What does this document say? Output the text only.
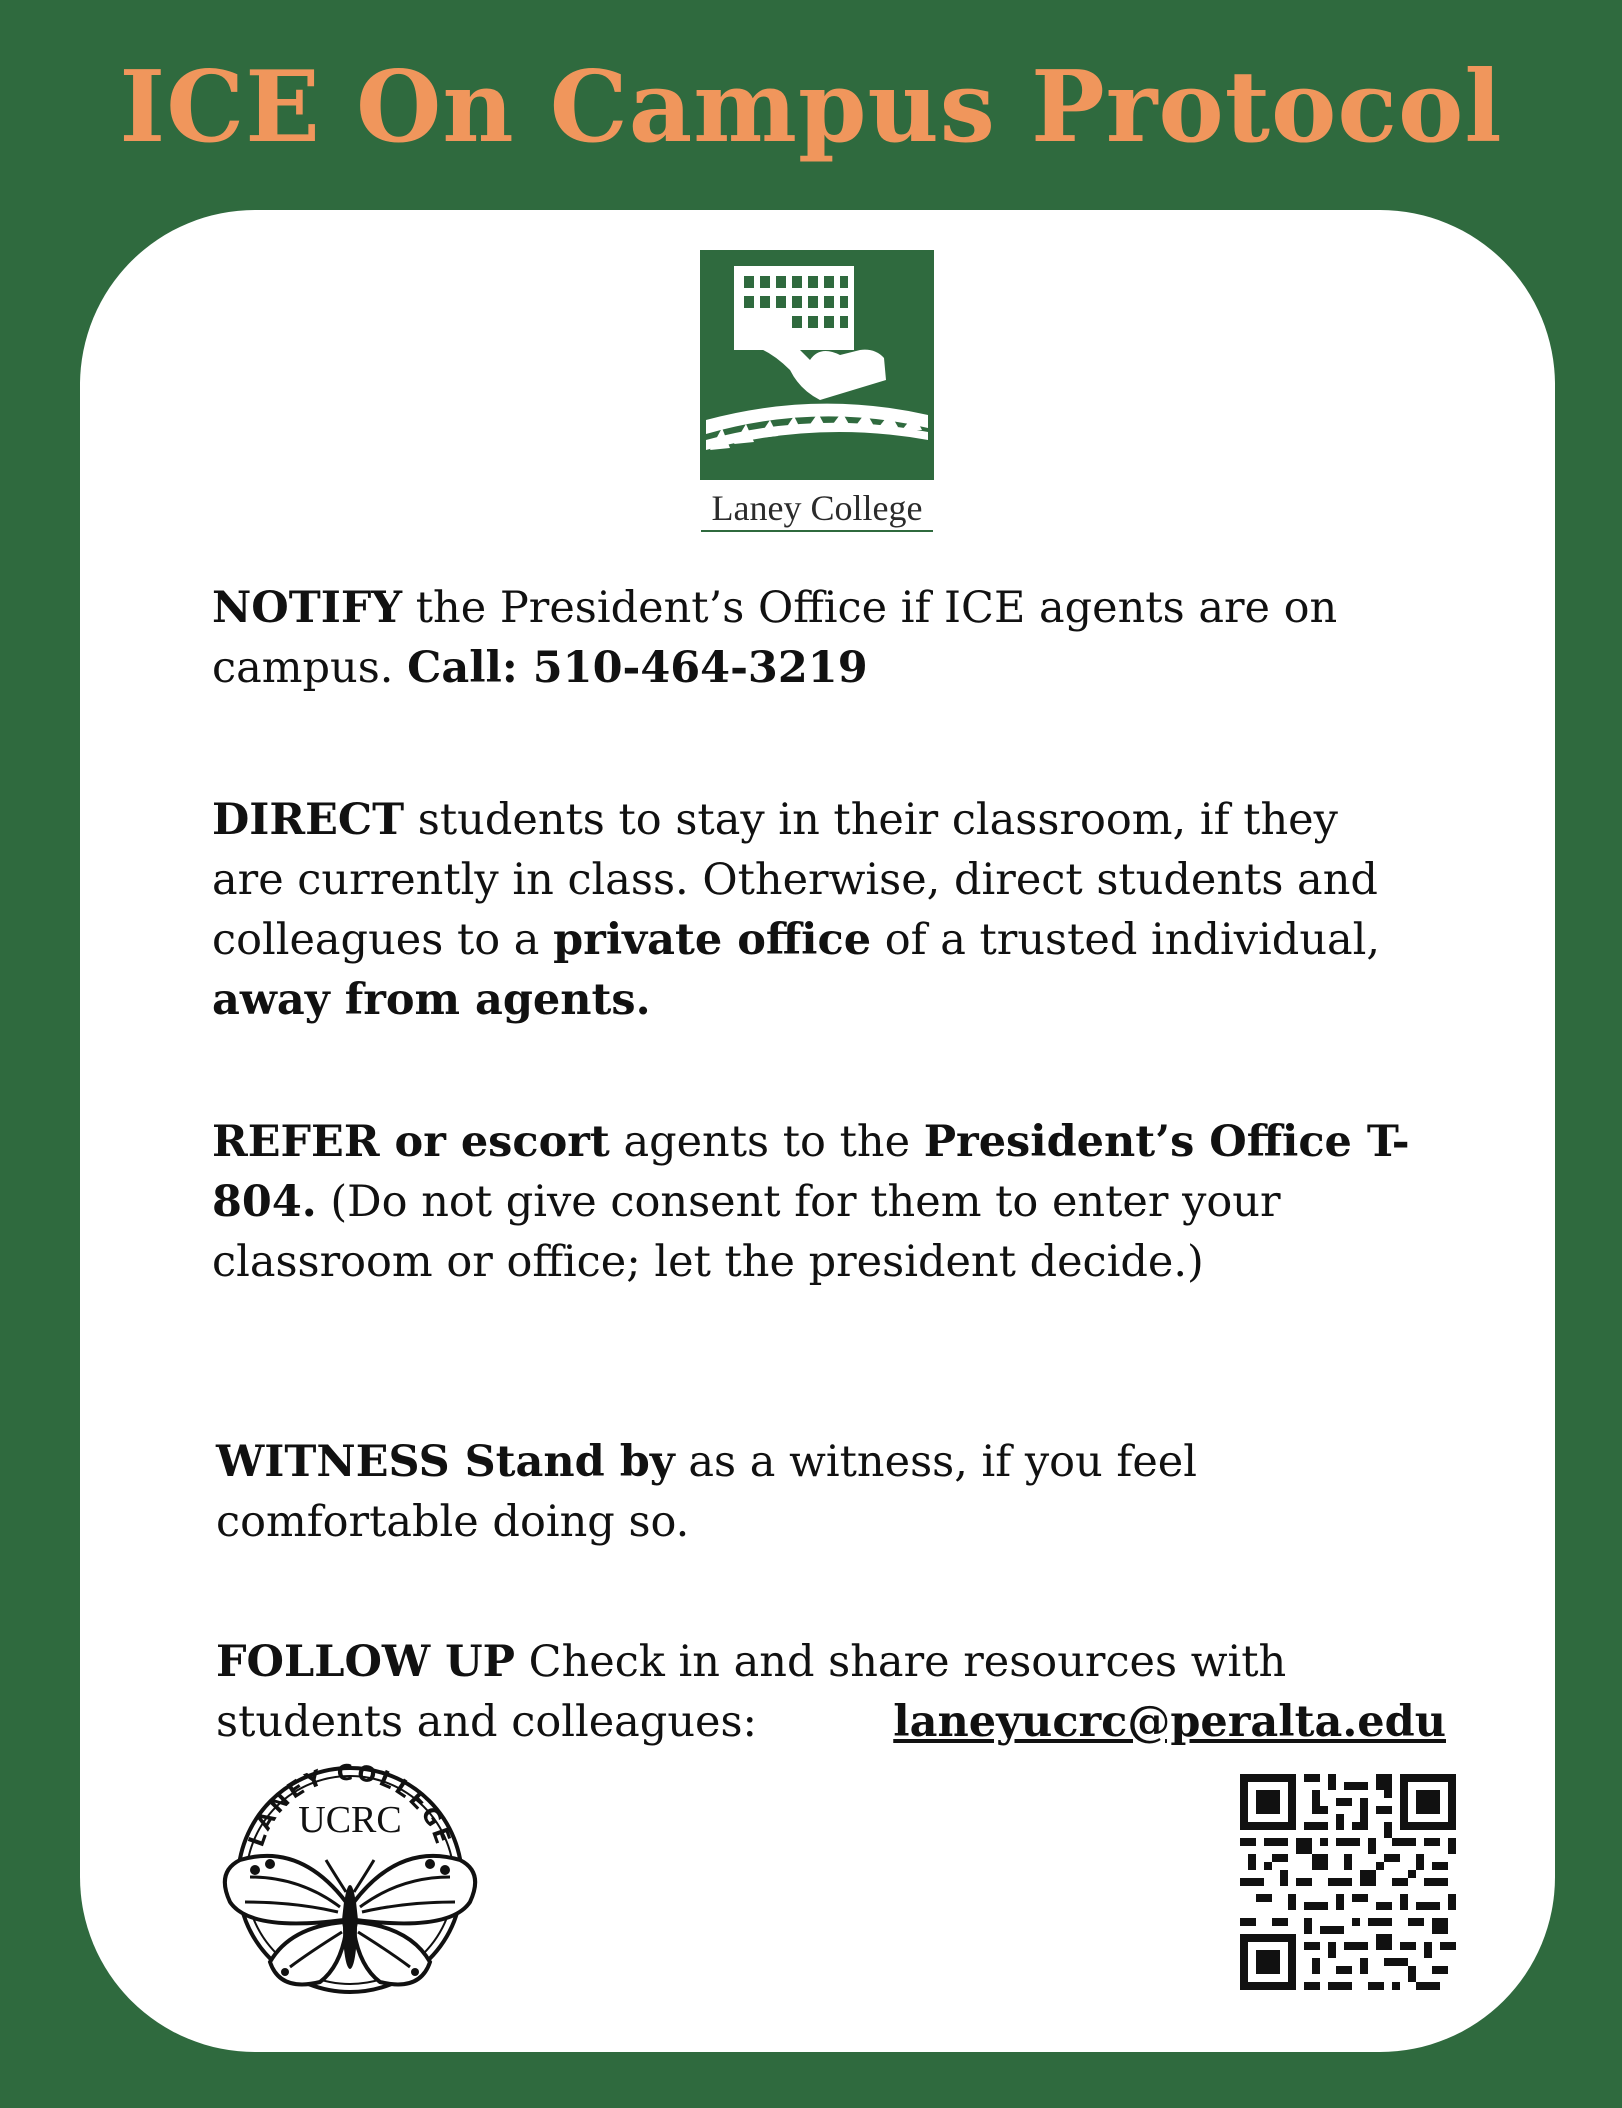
ICE On Campus Protocol
Laney College

NOTIFY the President’s Office if ICE agents are on campus. Call: 510-464-3219

DIRECT students to stay in their classroom, if they are currently in class. Otherwise, direct students and colleagues to a private office of a trusted individual, away from agents.

REFER or escort agents to the President’s Office T-804. (Do not give consent for them to enter your classroom or office; let the president decide.)

WITNESS Stand by as a witness, if you feel comfortable doing so.

FOLLOW UP Check in and share resources with
students and colleagues:	laneyucrc@peralta.edu

LANEY COLLEGE
UCRC
